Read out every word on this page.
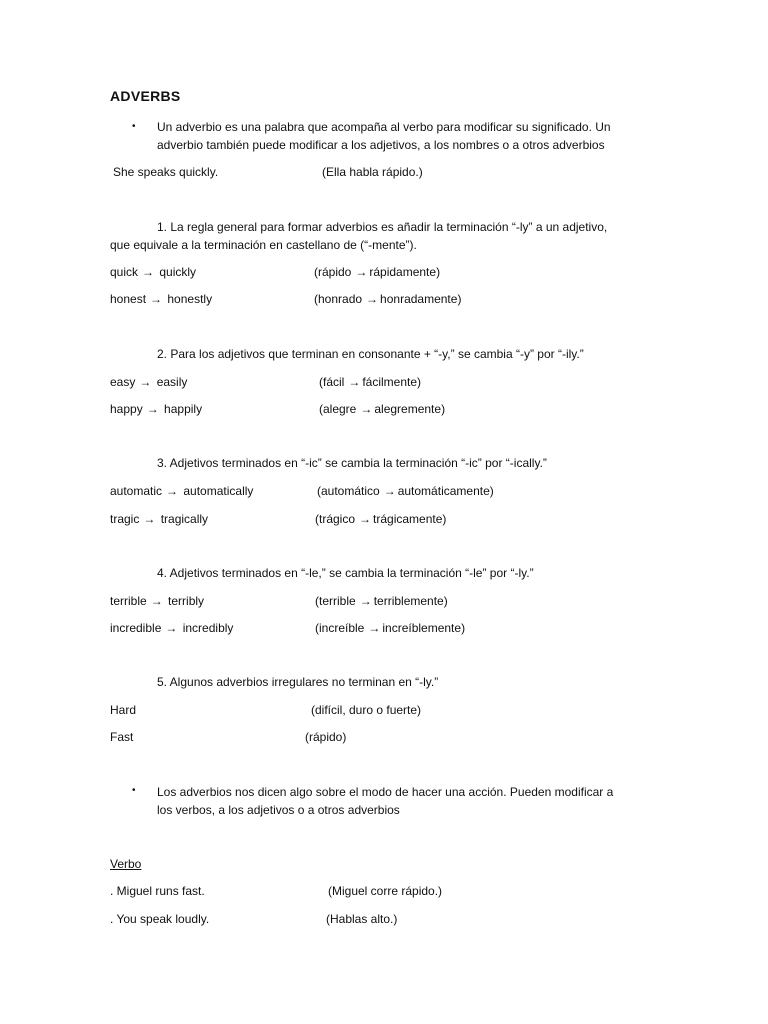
ADVERBS
• Un adverbio es una palabra que acompaña al verbo para modificar su significado. Un
adverbio también puede modificar a los adjetivos, a los nombres o a otros adverbios
She speaks quickly.	(Ella habla rápido.)
1. La regla general para formar adverbios es añadir la terminación “-ly” a un adjetivo,
que equivale a la terminación en castellano de (“-mente”).
quick → quickly	(rápido → rápidamente)
honest → honestly	(honrado → honradamente)
2. Para los adjetivos que terminan en consonante + “-y,” se cambia “-y” por “-ily.”
easy → easily	(fácil → fácilmente)
happy → happily	(alegre → alegremente)
3. Adjetivos terminados en “-ic” se cambia la terminación “-ic” por “-ically.”
automatic → automatically	(automático → automáticamente)
tragic → tragically	(trágico → trágicamente)
4. Adjetivos terminados en “-le,” se cambia la terminación “-le” por “-ly.”
terrible → terribly	(terrible → terriblemente)
incredible → incredibly	(increíble → increíblemente)
5. Algunos adverbios irregulares no terminan en “-ly.”
Hard	(difícil, duro o fuerte)
Fast	(rápido)
• Los adverbios nos dicen algo sobre el modo de hacer una acción. Pueden modificar a
los verbos, a los adjetivos o a otros adverbios
Verbo
. Miguel runs fast.	(Miguel corre rápido.)
. You speak loudly.	(Hablas alto.)
